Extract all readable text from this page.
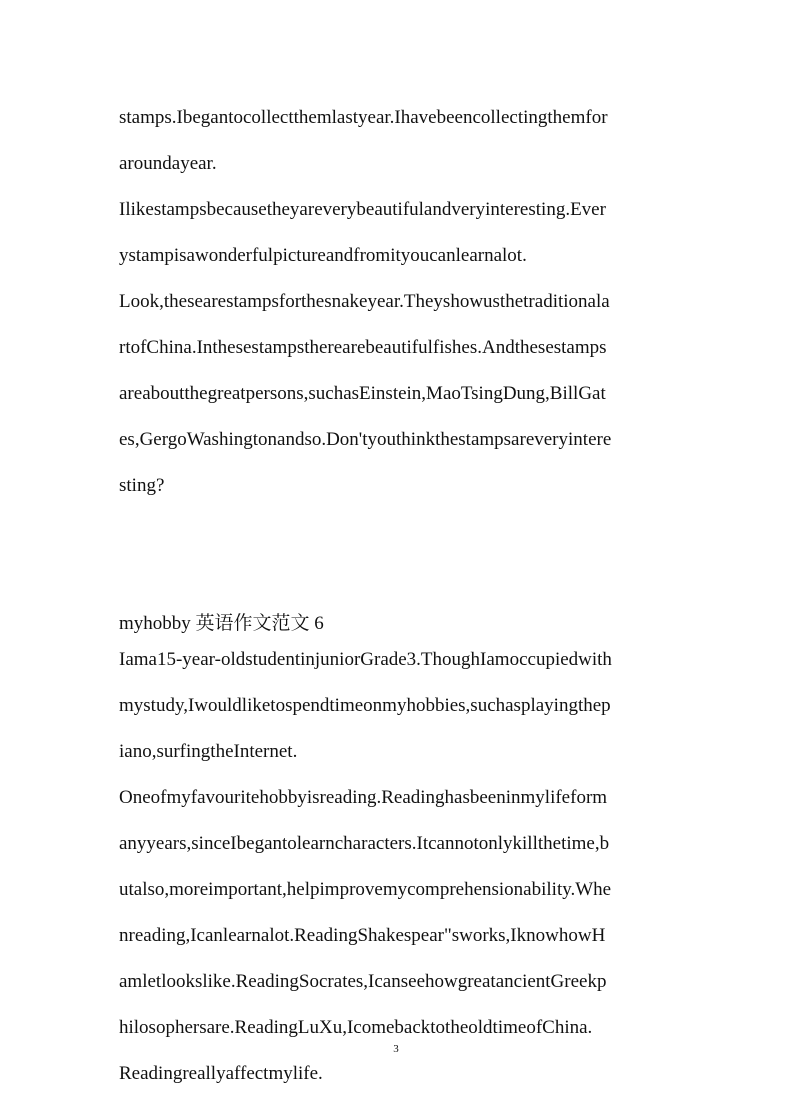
stamps.Ibegantocollectthemlastyear.Ihavebeencollectingthemfor
aroundayear.
Ilikestampsbecausetheyareverybeautifulandveryinteresting.Ever
ystampisawonderfulpictureandfromityoucanlearnalot.
Look,thesearestampsforthesnakeyear.Theyshowusthetraditionala
rtofChina.Inthesestampstherearebeautifulfishes.Andthesestamps
areaboutthegreatpersons,suchasEinstein,MaoTsingDung,BillGat
es,GergoWashingtonandso.Don'tyouthinkthestampsareveryintere
sting?
myhobby 英语作文范文 6
Iama15-year-oldstudentinjuniorGrade3.ThoughIamoccupiedwith
mystudy,Iwouldliketospendtimeonmyhobbies,suchasplayingthep
iano,surfingtheInternet.
Oneofmyfavouritehobbyisreading.Readinghasbeeninmylifeform
anyyears,sinceIbegantolearncharacters.Itcannotonlykillthetime,b
utalso,moreimportant,helpimprovemycomprehensionability.Whe
nreading,Icanlearnalot.ReadingShakespear"sworks,IknowhowH
amletlookslike.ReadingSocrates,IcanseehowgreatancientGreekp
hilosophersare.ReadingLuXu,IcomebacktotheoldtimeofChina.
Readingreallyaffectmylife.
3
